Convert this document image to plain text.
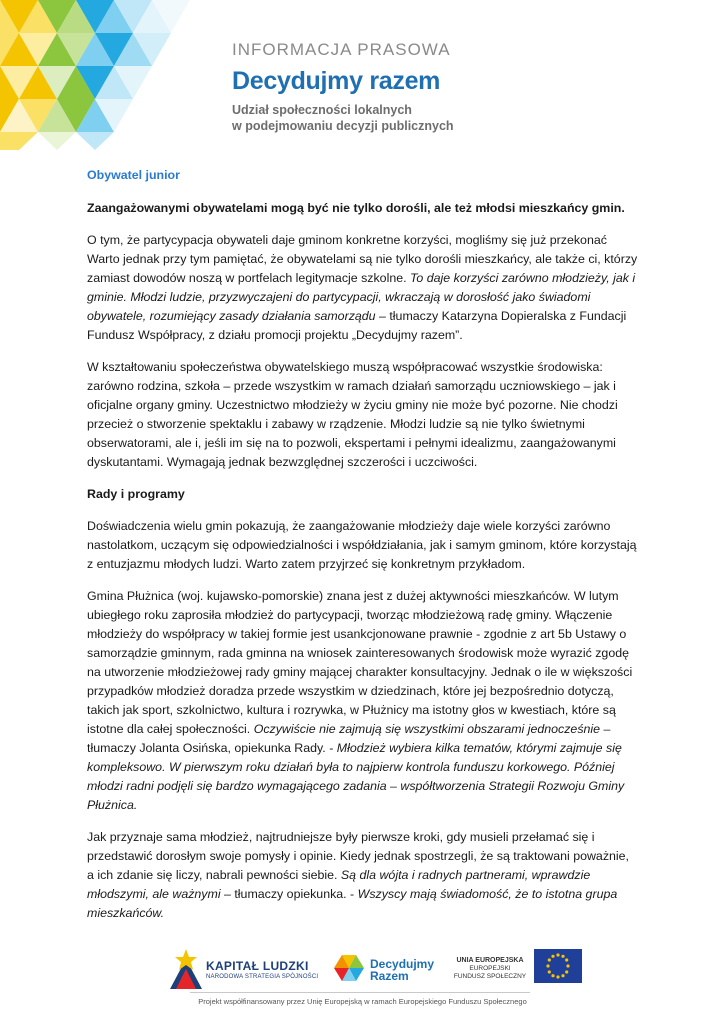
INFORMACJA PRASOWA
Decydujmy razem
Udział społeczności lokalnych
w podejmowaniu decyzji publicznych
Obywatel junior
Zaangażowanymi obywatelami mogą być nie tylko dorośli, ale też młodsi mieszkańcy gmin.

O tym, że partycypacja obywateli daje gminom konkretne korzyści, mogliśmy się już przekonać Warto jednak przy tym pamiętać, że obywatelami są nie tylko dorośli mieszkańcy, ale także ci, którzy zamiast dowodów noszą w portfelach legitymacje szkolne. To daje korzyści zarówno młodzieży, jak i gminie. Młodzi ludzie, przyzwyczajeni do partycypacji, wkraczają w dorosłość jako świadomi obywatele, rozumiejący zasady działania samorządu – tłumaczy Katarzyna Dopieralska z Fundacji Fundusz Współpracy, z działu promocji projektu „Decydujmy razem”.

W kształtowaniu społeczeństwa obywatelskiego muszą współpracować wszystkie środowiska: zarówno rodzina, szkoła – przede wszystkim w ramach działań samorządu uczniowskiego – jak i oficjalne organy gminy. Uczestnictwo młodzieży w życiu gminy nie może być pozorne. Nie chodzi przecież o stworzenie spektaklu i zabawy w rządzenie. Młodzi ludzie są nie tylko świetnymi obserwatorami, ale i, jeśli im się na to pozwoli, ekspertami i pełnymi idealizmu, zaangażowanymi dyskutantami. Wymagają jednak bezwzględnej szczerości i uczciwości.

Rady i programy

Doświadczenia wielu gmin pokazują, że zaangażowanie młodzieży daje wiele korzyści zarówno nastolatkom, uczącym się odpowiedzialności i współdziałania, jak i samym gminom, które korzystają z entuzjazmu młodych ludzi. Warto zatem przyjrzeć się konkretnym przykładom.

Gmina Płużnica (woj. kujawsko-pomorskie) znana jest z dużej aktywności mieszkańców. W lutym ubiegłego roku zaprosiła młodzież do partycypacji, tworząc młodzieżową radę gminy. Włączenie młodzieży do współpracy w takiej formie jest usankcjonowane prawnie - zgodnie z art 5b Ustawy o samorządzie gminnym, rada gminna na wniosek zainteresowanych środowisk może wyrazić zgodę na utworzenie młodzieżowej rady gminy mającej charakter konsultacyjny. Jednak o ile w większości przypadków młodzież doradza przede wszystkim w dziedzinach, które jej bezpośrednio dotyczą, takich jak sport, szkolnictwo, kultura i rozrywka, w Płużnicy ma istotny głos w kwestiach, które są istotne dla całej społeczności. Oczywiście nie zajmują się wszystkimi obszarami jednocześnie – tłumaczy Jolanta Osińska, opiekunka Rady. - Młodzież wybiera kilka tematów, którymi zajmuje się kompleksowo. W pierwszym roku działań była to najpierw kontrola funduszu korkowego. Później młodzi radni podjęli się bardzo wymagającego zadania – współtworzenia Strategii Rozwoju Gminy Płużnica.

Jak przyznaje sama młodzież, najtrudniejsze były pierwsze kroki, gdy musieli przełamać się i przedstawić dorosłym swoje pomysły i opinie. Kiedy jednak spostrzegli, że są traktowani poważnie, a ich zdanie się liczy, nabrali pewności siebie. Są dla wójta i radnych partnerami, wprawdzie młodszymi, ale ważnymi – tłumaczy opiekunka. - Wszyscy mają świadomość, że to istotna grupa mieszkańców.

KAPITAŁ LUDZKI
NARODOWA STRATEGIA SPÓJNOŚCI
Decydujmy
Razem
UNIA EUROPEJSKA
EUROPEJSKI
FUNDUSZ SPOŁECZNY
Projekt współfinansowany przez Unię Europejską w ramach Europejskiego Funduszu Społecznego
